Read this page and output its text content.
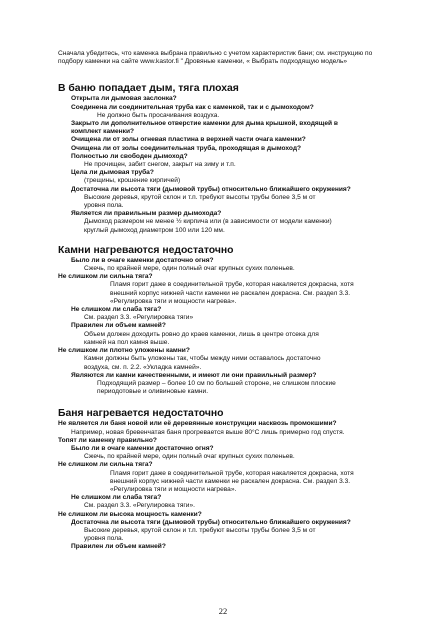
Сначала убедитесь, что каменка выбрана правильно с учетом характеристик бани; см. инструкцию по подбору каменки на сайте www.kastor.fi " Дровяные каменки, « Выбрать подходящую модель»

В баню попадает дым, тяга плохая

Открыта ли дымовая заслонка?

Соединена ли соединительная труба как с каменкой, так и с дымоходом?

Не должно быть просачивания воздуха.

Закрыто ли дополнительное отверстие каменки для дыма крышкой, входящей в

комплект каменки?

Очищена ли от золы огневая пластина в верхней части очага каменки?

Очищена ли от золы соединительная труба, проходящая в дымоход?

Полностью ли свободен дымоход?

Не прочищен, забит снегом, закрыт на зиму и т.п.

Цела ли дымовая труба?

(трещины, крошение кирпичей)

Достаточна ли высота тяги (дымовой трубы) относительно ближайшего окружения?

Высокие деревья, крутой склон и т.п. требуют высоты трубы более 3,5 м от

уровня пола.

Является ли правильным размер дымохода?

Дымоход размером не менее ½ кирпича или (в зависимости от модели каменки)

круглый дымоход диаметром 100 или 120 мм.

Камни нагреваются недостаточно

Было ли в очаге каменки достаточно огня?

Сжечь, по крайней мере, один полный очаг крупных сухих поленьев.

Не слишком ли сильна тяга?

Пламя горит даже в соединительной трубе, которая накаляется докрасна, хотя

внешний корпус нижней части каменки не раскален докрасна. См. раздел 3.3.

«Регулировка тяги и мощности нагрева».

Не слишком ли слаба тяга?

См. раздел 3.3. «Регулировка тяги»

Правилен ли объем камней?

Объем должен доходить ровно до краев каменки, лишь в центре отсека для

камней на пол камня выше.

Не слишком ли плотно уложены камни?

Камни должны быть уложены так, чтобы между ними оставалось достаточно

воздуха, см. п. 2.2. «Укладка камней».

Являются ли камни качественными, и имеют ли они правильный размер?

Подходящий размер – более 10 см по большей стороне, не слишком плоские

периодотовые и оливиновые камни.

Баня нагревается недостаточно

Не является ли баня новой или её деревянные конструкции насквозь промокшими?

Например, новая бревенчатая баня прогревается выше 80°C лишь примерно год спустя.

Топят ли каменку правильно?

Было ли в очаге каменки достаточно огня?

Сжечь, по крайней мере, один полный очаг крупных сухих поленьев.

Не слишком ли сильна тяга?

Пламя горит даже в соединительной трубе, которая накаляется докрасна, хотя

внешний корпус нижней части каменки не раскален докрасна. См. раздел 3.3.

«Регулировка тяги и мощности нагрева».

Не слишком ли слаба тяга?

См. раздел 3.3. «Регулировка тяги».

Не слишком ли высока мощность каменки?

Достаточна ли высота тяги (дымовой трубы) относительно ближайшего окружения?

Высокие деревья, крутой склон и т.п. требуют высоты трубы более 3,5 м от

уровня пола.

Правилен ли объем камней?

22
